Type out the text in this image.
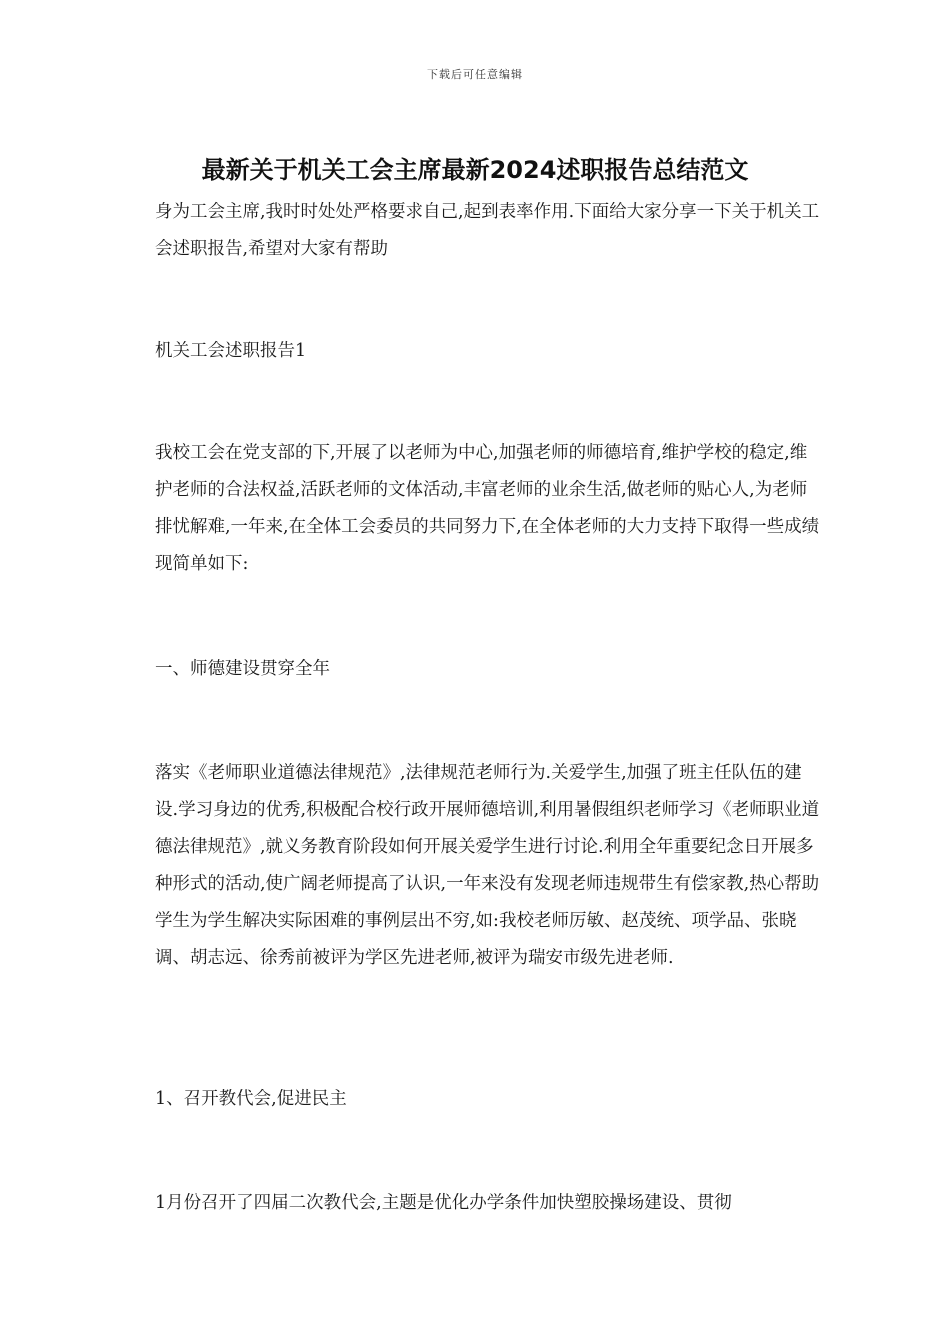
下载后可任意编辑
最新关于机关工会主席最新2024述职报告总结范文

身为工会主席,我时时处处严格要求自己,起到表率作用.下面给大家分享一下关于机关工会述职报告,希望对大家有帮助

机关工会述职报告1

我校工会在党支部的下,开展了以老师为中心,加强老师的师德培育,维护学校的稳定,维护老师的合法权益,活跃老师的文体活动,丰富老师的业余生活,做老师的贴心人,为老师排忧解难,一年来,在全体工会委员的共同努力下,在全体老师的大力支持下取得一些成绩现简单如下:

一、师德建设贯穿全年

落实《老师职业道德法律规范》,法律规范老师行为.关爱学生,加强了班主任队伍的建设.学习身边的优秀,积极配合校行政开展师德培训,利用暑假组织老师学习《老师职业道德法律规范》,就义务教育阶段如何开展关爱学生进行讨论.利用全年重要纪念日开展多种形式的活动,使广阔老师提高了认识,一年来没有发现老师违规带生有偿家教,热心帮助学生为学生解决实际困难的事例层出不穷,如:我校老师厉敏、赵茂统、项学品、张晓调、胡志远、徐秀前被评为学区先进老师,被评为瑞安市级先进老师.

1、召开教代会,促进民主

1月份召开了四届二次教代会,主题是优化办学条件加快塑胶操场建设、贯彻
